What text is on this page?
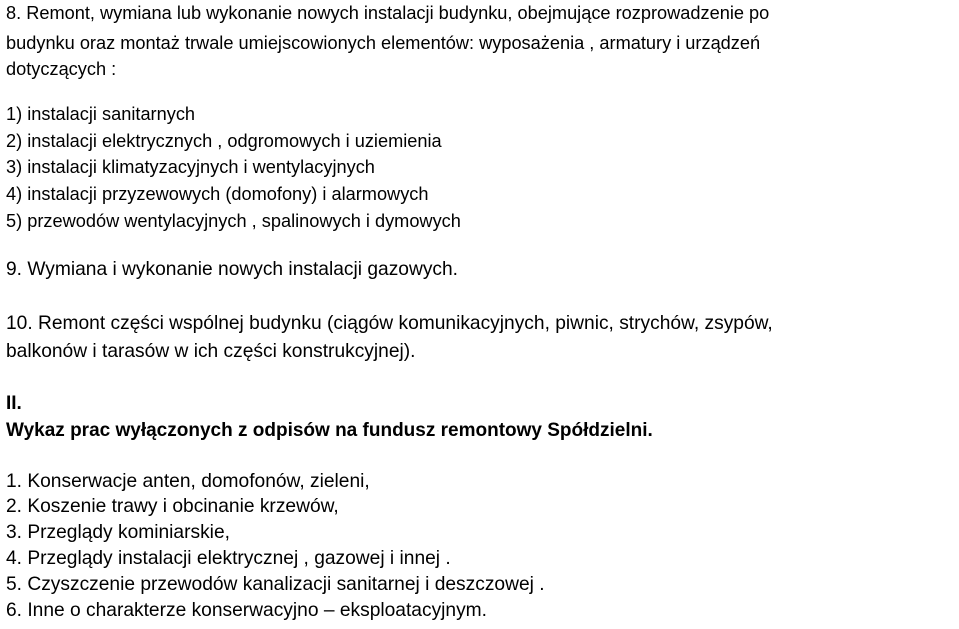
8. Remont, wymiana lub wykonanie nowych instalacji budynku, obejmujące rozprowadzenie po
budynku oraz montaż trwale umiejscowionych elementów: wyposażenia , armatury i urządzeń
dotyczących :
1) instalacji sanitarnych
2) instalacji elektrycznych , odgromowych i uziemienia
3) instalacji klimatyzacyjnych i wentylacyjnych
4) instalacji przyzewowych (domofony) i alarmowych
5) przewodów wentylacyjnych , spalinowych i dymowych
9. Wymiana i wykonanie nowych instalacji gazowych.
10. Remont części wspólnej budynku (ciągów komunikacyjnych, piwnic, strychów, zsypów,
balkonów i tarasów w ich części konstrukcyjnej).
II.
Wykaz prac wyłączonych z odpisów na fundusz remontowy Spółdzielni.
1. Konserwacje anten, domofonów, zieleni,
2. Koszenie trawy i obcinanie krzewów,
3. Przeglądy kominiarskie,
4. Przeglądy instalacji elektrycznej , gazowej i innej .
5. Czyszczenie przewodów kanalizacji sanitarnej i deszczowej .
6. Inne o charakterze konserwacyjno – eksploatacyjnym.
